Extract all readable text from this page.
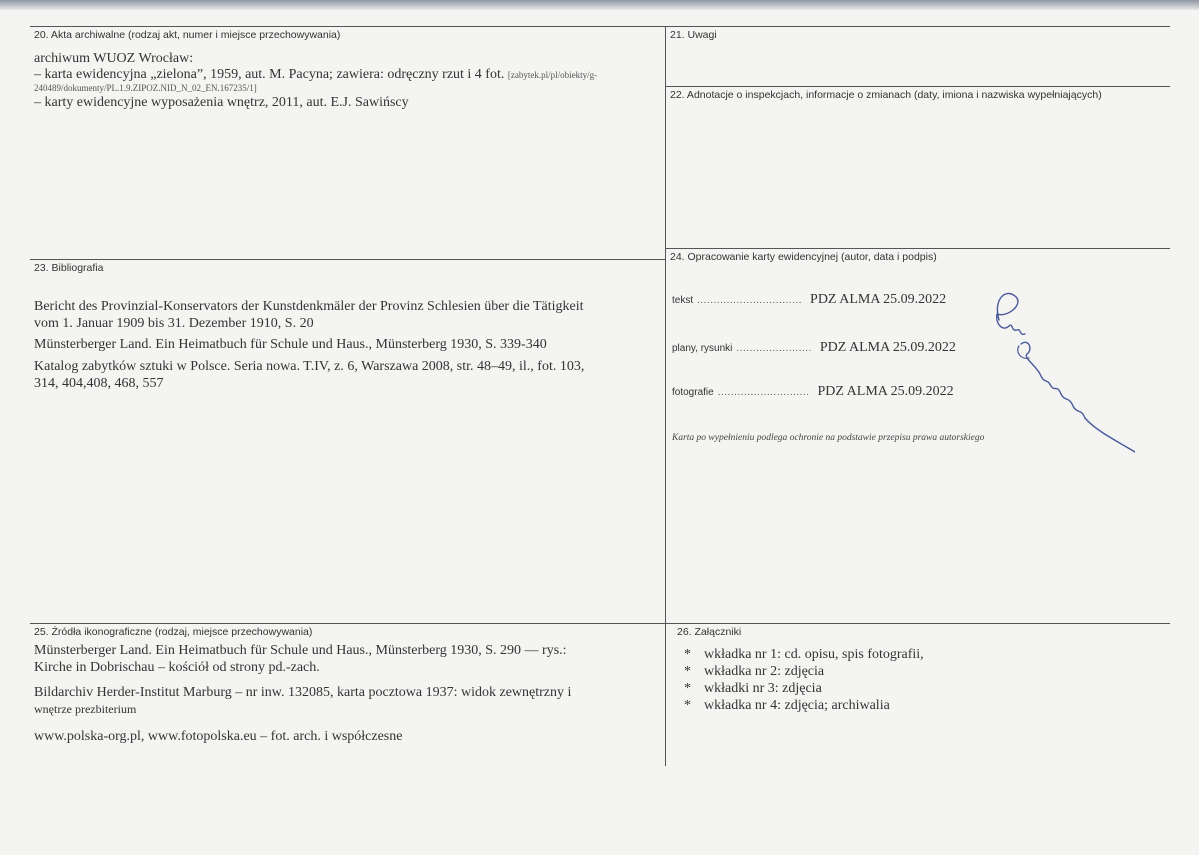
20. Akta archiwalne (rodzaj akt, numer i miejsce przechowywania)
archiwum WUOZ Wrocław:
– karta ewidencyjna „zielona”, 1959, aut. M. Pacyna; zawiera: odręczny rzut i 4 fot. [zabytek.pl/pl/obiekty/g-
240489/dokumenty/PL.1.9.ZIPOZ.NID_N_02_EN.167235/1]
– karty ewidencyjne wyposażenia wnętrz, 2011, aut. E.J. Sawińscy
21. Uwagi
22. Adnotacje o inspekcjach, informacje o zmianach (daty, imiona i nazwiska wypełniających)
23. Bibliografia
Bericht des Provinzial-Konservators der Kunstdenkmäler der Provinz Schlesien über die Tätigkeit
vom 1. Januar 1909 bis 31. Dezember 1910, S. 20
Münsterberger Land. Ein Heimatbuch für Schule und Haus., Münsterberg 1930, S. 339-340
Katalog zabytków sztuki w Polsce. Seria nowa. T.IV, z. 6, Warszawa 2008, str. 48–49, il., fot. 103,
314, 404,408, 468, 557
24. Opracowanie karty ewidencyjnej (autor, data i podpis)
tekst ................................ PDZ ALMA 25.09.2022
plany, rysunki ....................... PDZ ALMA 25.09.2022
fotografie ............................ PDZ ALMA 25.09.2022
Karta po wypełnieniu podlega ochronie na podstawie przepisu prawa autorskiego
25. Źródła ikonograficzne (rodzaj, miejsce przechowywania)
Münsterberger Land. Ein Heimatbuch für Schule und Haus., Münsterberg 1930, S. 290 — rys.:
Kirche in Dobrischau – kościół od strony pd.-zach.
Bildarchiv Herder-Institut Marburg – nr inw. 132085, karta pocztowa 1937: widok zewnętrzny i
wnętrze prezbiterium
www.polska-org.pl, www.fotopolska.eu – fot. arch. i współczesne
26. Załączniki
* wkładka nr 1: cd. opisu, spis fotografii,
* wkładka nr 2: zdjęcia
* wkładki nr 3: zdjęcia
* wkładka nr 4: zdjęcia; archiwalia
